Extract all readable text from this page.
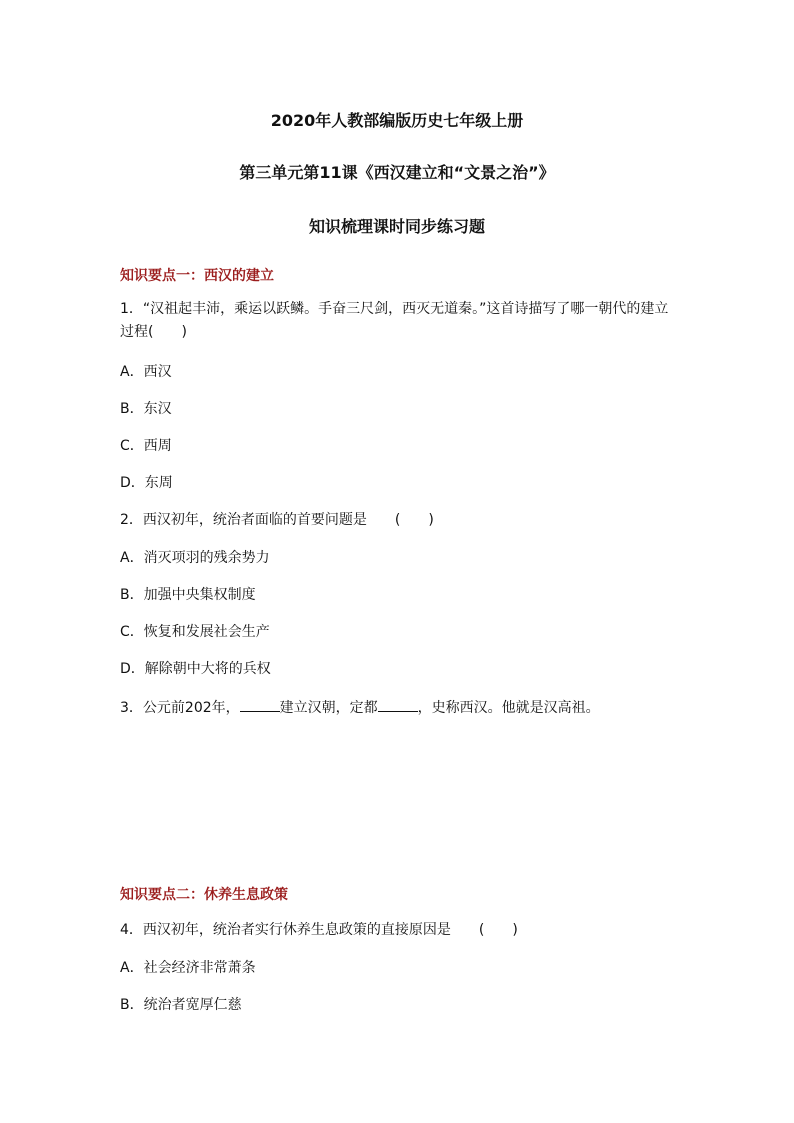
2020年人教部编版历史七年级上册
第三单元第11课《西汉建立和“文景之治”》
知识梳理课时同步练习题
知识要点一：西汉的建立
1．“汉祖起丰沛，乘运以跃鳞。手奋三尺剑，西灭无道秦。”这首诗描写了哪一朝代的建立过程(　　)
A．西汉
B．东汉
C．西周
D．东周
2．西汉初年，统治者面临的首要问题是　　(　　)
A．消灭项羽的残余势力
B．加强中央集权制度
C．恢复和发展社会生产
D．解除朝中大将的兵权
3．公元前202年，	建立汉朝，定都	，史称西汉。他就是汉高祖。
知识要点二：休养生息政策
4．西汉初年，统治者实行休养生息政策的直接原因是　　(　　)
A．社会经济非常萧条
B．统治者宽厚仁慈
